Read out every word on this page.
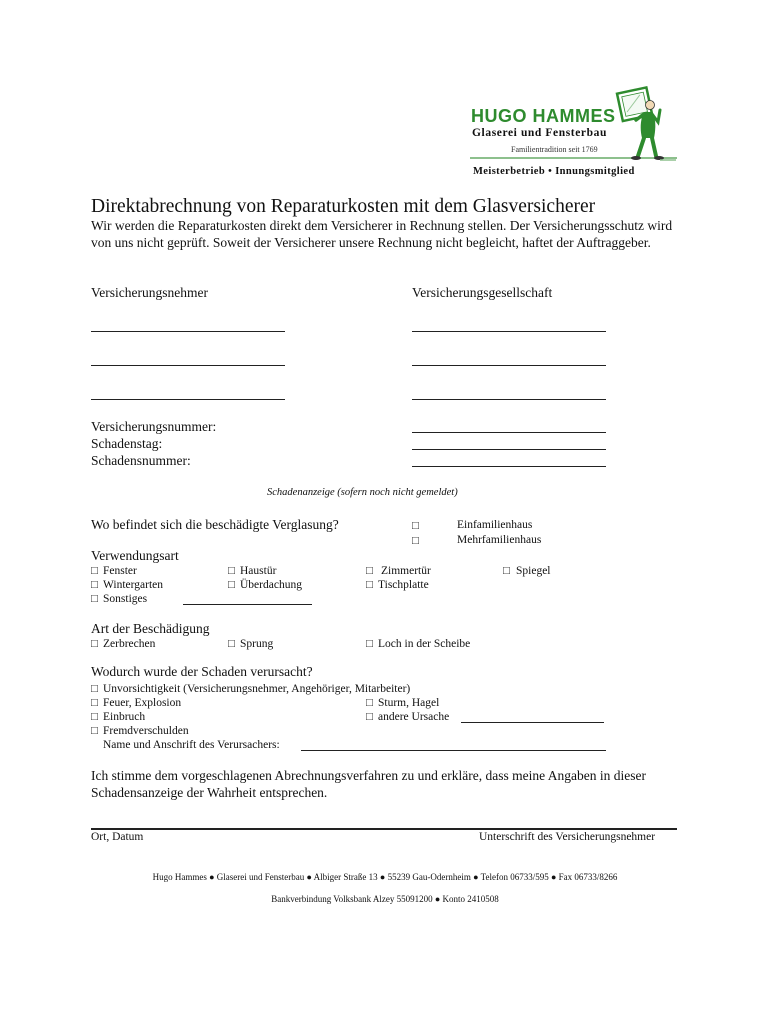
HUGO HAMMES
Glaserei und Fensterbau
Familientradition seit 1769
Meisterbetrieb • Innungsmitglied
Direktabrechnung von Reparaturkosten mit dem Glasversicherer
Wir werden die Reparaturkosten direkt dem Versicherer in Rechnung stellen. Der Versicherungsschutz wird von uns nicht geprüft. Soweit der Versicherer unsere Rechnung nicht begleicht, haftet der Auftraggeber.
Versicherungsnehmer	Versicherungsgesellschaft
Versicherungsnummer:
Schadenstag:
Schadensnummer:
Schadenanzeige (sofern noch nicht gemeldet)
Wo befindet sich die beschädigte Verglasung?	□	Einfamilienhaus
□	Mehrfamilienhaus
Verwendungsart
□ Fenster	□ Haustür	□ Zimmertür	□ Spiegel
□ Wintergarten	□ Überdachung	□ Tischplatte
□ Sonstiges
Art der Beschädigung
□ Zerbrechen	□ Sprung	□ Loch in der Scheibe
Wodurch wurde der Schaden verursacht?
□ Unvorsichtigkeit (Versicherungsnehmer, Angehöriger, Mitarbeiter)
□ Feuer, Explosion	□ Sturm, Hagel
□ Einbruch	□ andere Ursache
□ Fremdverschulden
Name und Anschrift des Verursachers:
Ich stimme dem vorgeschlagenen Abrechnungsverfahren zu und erkläre, dass meine Angaben in dieser Schadensanzeige der Wahrheit entsprechen.
Ort, Datum	Unterschrift des Versicherungsnehmer
Hugo Hammes ● Glaserei und Fensterbau ● Albiger Straße 13 ● 55239 Gau-Odernheim ● Telefon 06733/595 ● Fax 06733/8266
Bankverbindung Volksbank Alzey 55091200 ● Konto 2410508
